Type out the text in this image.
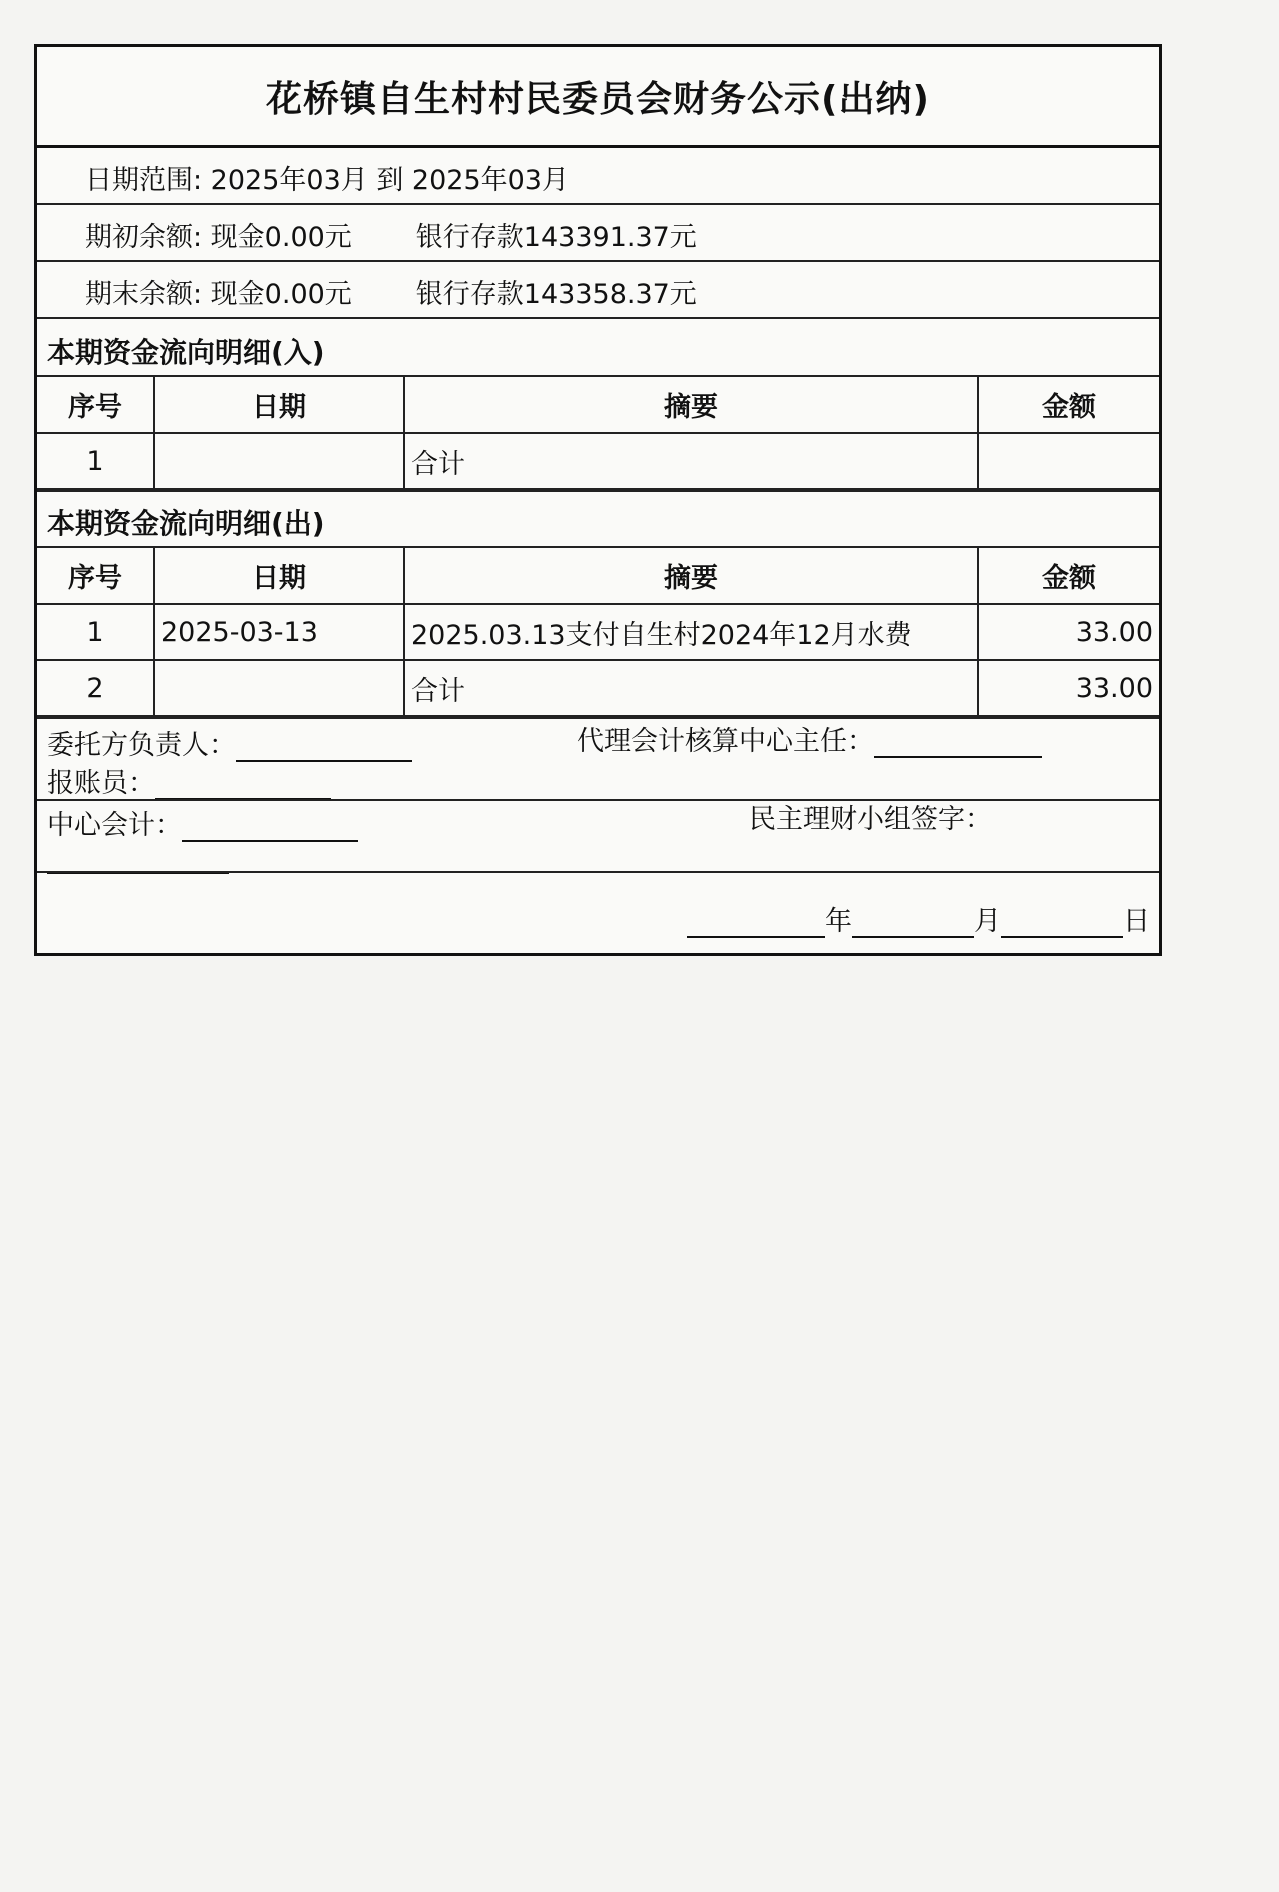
花桥镇自生村村民委员会财务公示(出纳)
日期范围: 2025年03月 到 2025年03月
期初余额: 现金0.00元 银行存款143391.37元
期末余额: 现金0.00元 银行存款143358.37元
本期资金流向明细(入)
序号	日期	摘要	金额
1		合计	
本期资金流向明细(出)
序号	日期	摘要	金额
1	2025-03-13	2025.03.13支付自生村2024年12月水费	33.00
2		合计	33.00
委托方负责人：	代理会计核算中心主任：
报账员：
中心会计：	民主理财小组签字：
年	月	日
